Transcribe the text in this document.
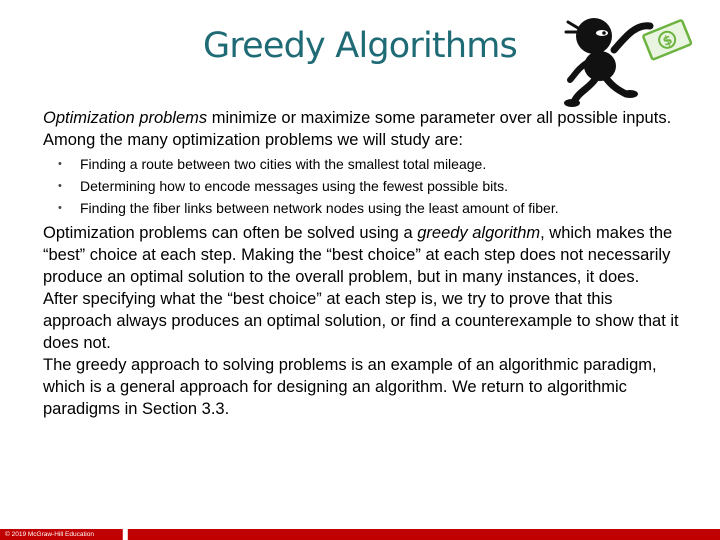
Greedy Algorithms	$

Optimization problems minimize or maximize some parameter over all possible inputs.

Among the many optimization problems we will study are:

• Finding a route between two cities with the smallest total mileage.
• Determining how to encode messages using the fewest possible bits.
• Finding the fiber links between network nodes using the least amount of fiber.

Optimization problems can often be solved using a greedy algorithm, which makes the “best” choice at each step. Making the “best choice” at each step does not necessarily produce an optimal solution to the overall problem, but in many instances, it does.

After specifying what the “best choice” at each step is, we try to prove that this approach always produces an optimal solution, or find a counterexample to show that it does not.

The greedy approach to solving problems is an example of an algorithmic paradigm, which is a general approach for designing an algorithm. We return to algorithmic paradigms in Section 3.3.

© 2019 McGraw-Hill Education
